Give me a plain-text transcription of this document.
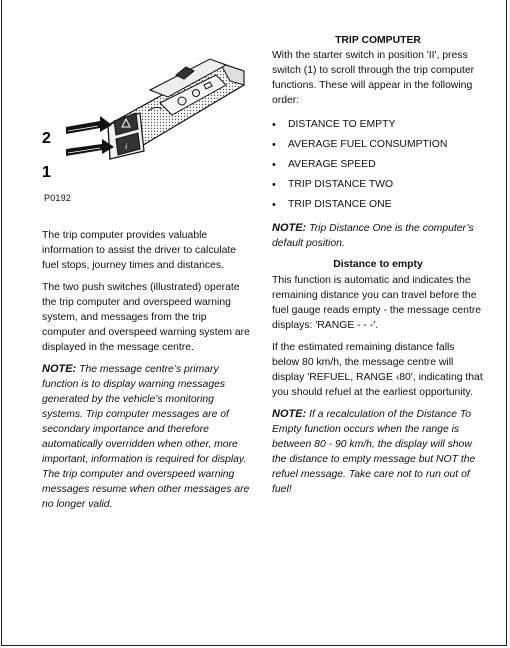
i
2
1
P0192

The trip computer provides valuable information to assist the driver to calculate fuel stops, journey times and distances.

The two push switches (illustrated) operate the trip computer and overspeed warning system, and messages from the trip computer and overspeed warning system are displayed in the message centre.

NOTE: The message centre’s primary function is to display warning messages generated by the vehicle’s monitoring systems. Trip computer messages are of secondary importance and therefore automatically overridden when other, more important, information is required for display. The trip computer and overspeed warning messages resume when other messages are no longer valid.

TRIP COMPUTER

With the starter switch in position 'II', press switch (1) to scroll through the trip computer functions. These will appear in the following order:

• DISTANCE TO EMPTY
• AVERAGE FUEL CONSUMPTION
• AVERAGE SPEED
• TRIP DISTANCE TWO
• TRIP DISTANCE ONE

NOTE: Trip Distance One is the computer’s default position.

Distance to empty

This function is automatic and indicates the remaining distance you can travel before the fuel gauge reads empty - the message centre displays: 'RANGE - - -'.

If the estimated remaining distance falls below 80 km/h, the message centre will display 'REFUEL, RANGE ‹80', indicating that you should refuel at the earliest opportunity.

NOTE: If a recalculation of the Distance To Empty function occurs when the range is between 80 - 90 km/h, the display will show the distance to empty message but NOT the refuel message. Take care not to run out of fuel!
